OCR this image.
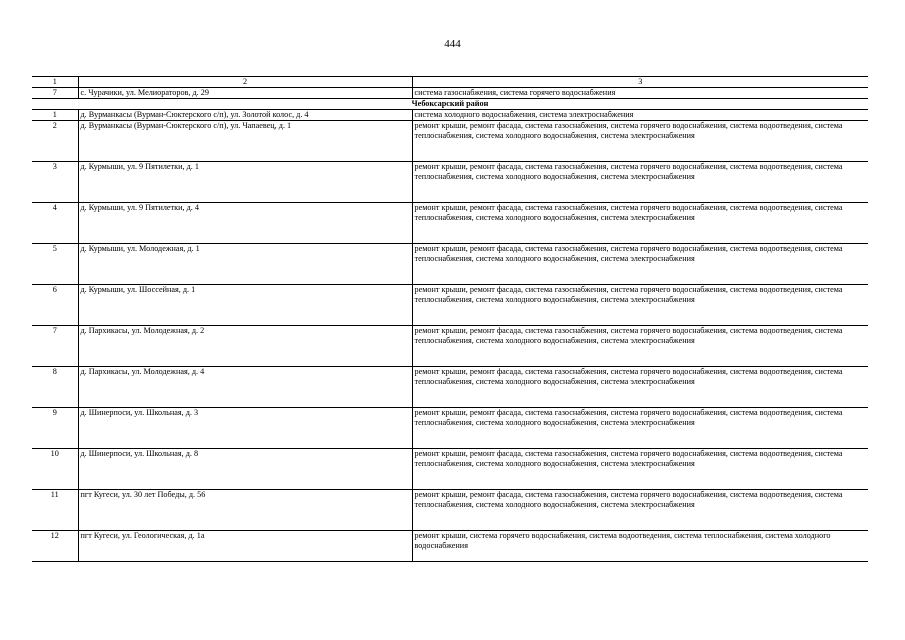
444
1	2	3
7	с. Чурачики, ул. Мелиораторов, д. 29	система газоснабжения, система горячего водоснабжения
Чебоксарский район		
1	д. Вурманкасы (Вурман-Сюктерского с/п), ул. Золотой колос, д. 4	система холодного водоснабжения, система электроснабжения
2	д. Вурманкасы (Вурман-Сюктерского с/п), ул. Чапаевец, д. 1	ремонт крыши, ремонт фасада, система газоснабжения, система горячего водоснабжения, система водоотведения, система теплоснабжения, система холодного водоснабжения, система электроснабжения
3	д. Курмыши, ул. 9 Пятилетки, д. 1	ремонт крыши, ремонт фасада, система газоснабжения, система горячего водоснабжения, система водоотведения, система теплоснабжения, система холодного водоснабжения, система электроснабжения
4	д. Курмыши, ул. 9 Пятилетки, д. 4	ремонт крыши, ремонт фасада, система газоснабжения, система горячего водоснабжения, система водоотведения, система теплоснабжения, система холодного водоснабжения, система электроснабжения
5	д. Курмыши, ул. Молодежная, д. 1	ремонт крыши, ремонт фасада, система газоснабжения, система горячего водоснабжения, система водоотведения, система теплоснабжения, система холодного водоснабжения, система электроснабжения
6	д. Курмыши, ул. Шоссейная, д. 1	ремонт крыши, ремонт фасада, система газоснабжения, система горячего водоснабжения, система водоотведения, система теплоснабжения, система холодного водоснабжения, система электроснабжения
7	д. Пархикасы, ул. Молодежная, д. 2	ремонт крыши, ремонт фасада, система газоснабжения, система горячего водоснабжения, система водоотведения, система теплоснабжения, система холодного водоснабжения, система электроснабжения
8	д. Пархикасы, ул. Молодежная, д. 4	ремонт крыши, ремонт фасада, система газоснабжения, система горячего водоснабжения, система водоотведения, система теплоснабжения, система холодного водоснабжения, система электроснабжения
9	д. Шинерпоси, ул. Школьная, д. 3	ремонт крыши, ремонт фасада, система газоснабжения, система горячего водоснабжения, система водоотведения, система теплоснабжения, система холодного водоснабжения, система электроснабжения
10	д. Шинерпоси, ул. Школьная, д. 8	ремонт крыши, ремонт фасада, система газоснабжения, система горячего водоснабжения, система водоотведения, система теплоснабжения, система холодного водоснабжения, система электроснабжения
11	пгт Кугеси, ул. 30 лет Победы, д. 56	ремонт крыши, ремонт фасада, система газоснабжения, система горячего водоснабжения, система водоотведения, система теплоснабжения, система холодного водоснабжения, система электроснабжения
12	пгт Кугеси, ул. Геологическая, д. 1а	ремонт крыши, система горячего водоснабжения, система водоотведения, система теплоснабжения, система холодного водоснабжения
